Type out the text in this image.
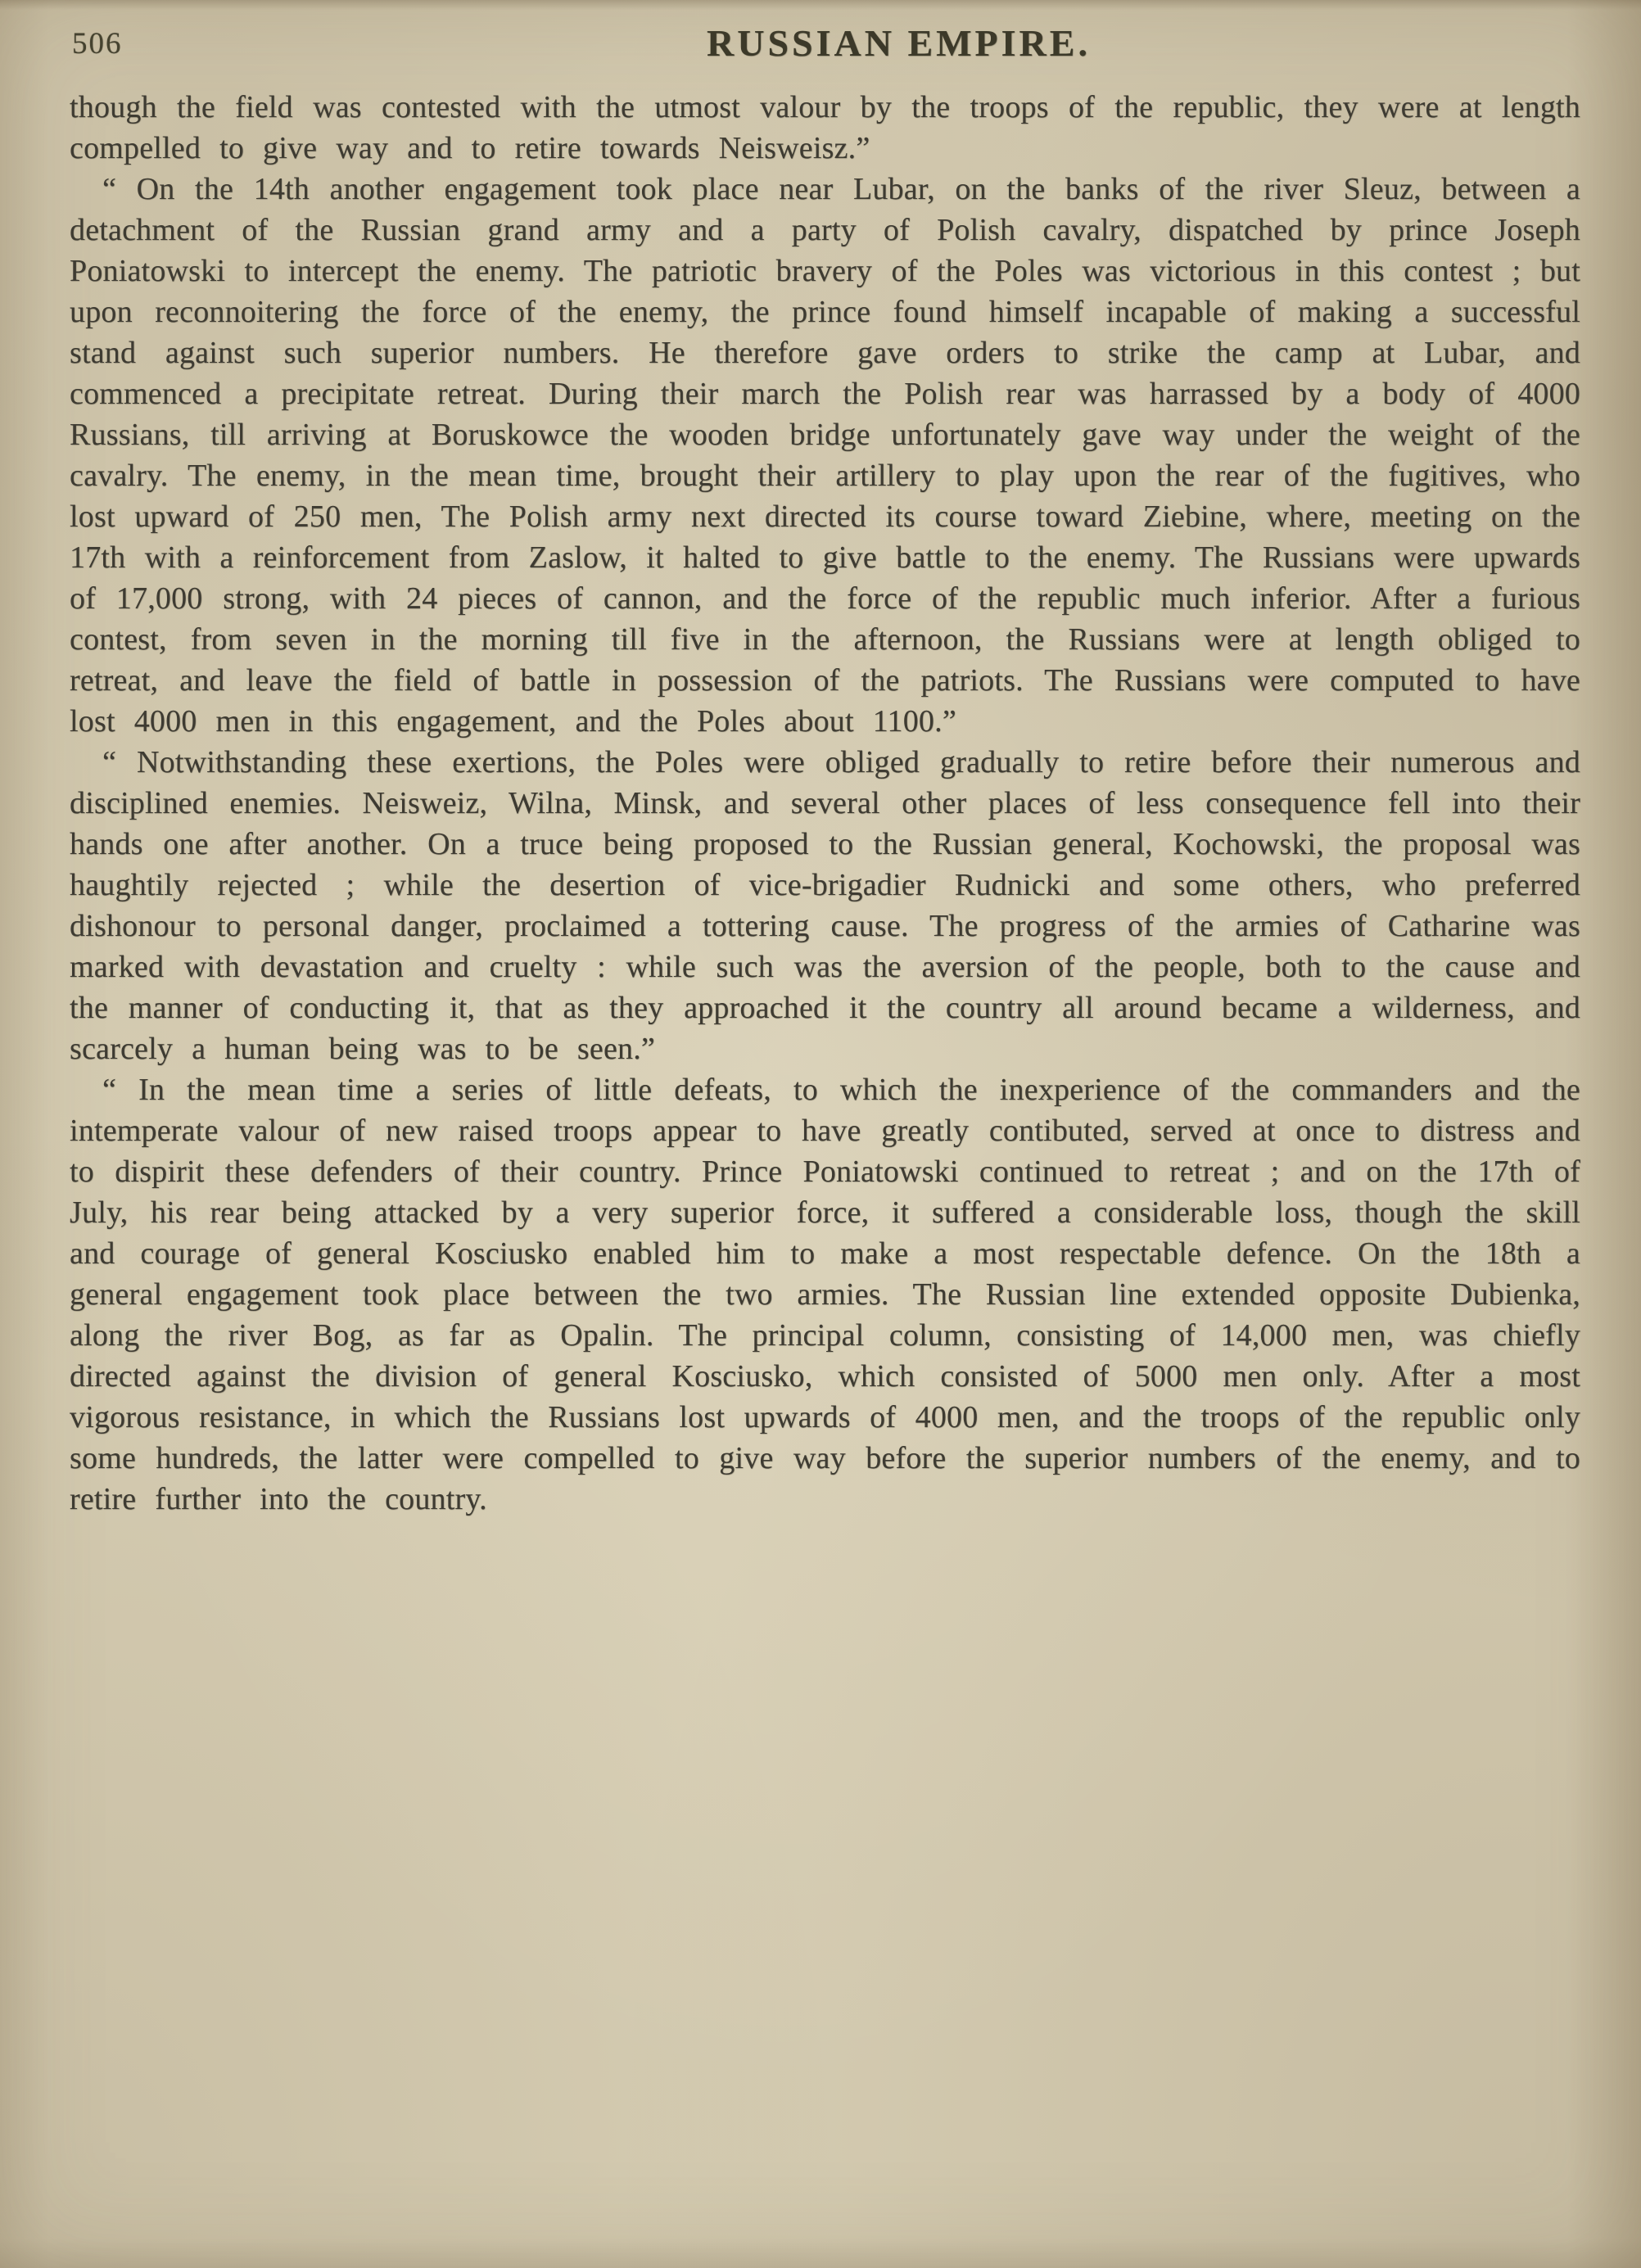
506	RUSSIAN EMPIRE.

though the field was contested with the utmost valour by the troops of the republic, they were at length compelled to give way and to retire towards Neisweisz.”

“ On the 14th another engagement took place near Lubar, on the banks of the river Sleuz, between a detachment of the Russian grand army and a party of Polish cavalry, dispatched by prince Joseph Poniatowski to intercept the enemy. The patriotic bravery of the Poles was victorious in this contest ; but upon reconnoitering the force of the enemy, the prince found himself incapable of making a successful stand against such superior numbers. He therefore gave orders to strike the camp at Lubar, and commenced a precipitate retreat. During their march the Polish rear was harrassed by a body of 4000 Russians, till arriving at Boruskowce the wooden bridge unfortunately gave way under the weight of the cavalry. The enemy, in the mean time, brought their artillery to play upon the rear of the fugitives, who lost upward of 250 men, The Polish army next directed its course toward Ziebine, where, meeting on the 17th with a reinforcement from Zaslow, it halted to give battle to the enemy. The Russians were upwards of 17,000 strong, with 24 pieces of cannon, and the force of the republic much inferior. After a furious contest, from seven in the morning till five in the afternoon, the Russians were at length obliged to retreat, and leave the field of battle in possession of the patriots. The Russians were computed to have lost 4000 men in this engagement, and the Poles about 1100.”

“ Notwithstanding these exertions, the Poles were obliged gradually to retire before their numerous and disciplined enemies. Neisweiz, Wilna, Minsk, and several other places of less consequence fell into their hands one after another. On a truce being proposed to the Russian general, Kochowski, the proposal was haughtily rejected ; while the desertion of vice-brigadier Rudnicki and some others, who preferred dishonour to personal danger, proclaimed a tottering cause. The progress of the armies of Catharine was marked with devastation and cruelty : while such was the aversion of the people, both to the cause and the manner of conducting it, that as they approached it the country all around became a wilderness, and scarcely a human being was to be seen.”

“ In the mean time a series of little defeats, to which the inexperience of the commanders and the intemperate valour of new raised troops appear to have greatly contibuted, served at once to distress and to dispirit these defenders of their country. Prince Poniatowski continued to retreat ; and on the 17th of July, his rear being attacked by a very superior force, it suffered a considerable loss, though the skill and courage of general Kosciusko enabled him to make a most respectable defence. On the 18th a general engagement took place between the two armies. The Russian line extended opposite Dubienka, along the river Bog, as far as Opalin. The principal column, consisting of 14,000 men, was chiefly directed against the division of general Kosciusko, which consisted of 5000 men only. After a most vigorous resistance, in which the Russians lost upwards of 4000 men, and the troops of the republic only some hundreds, the latter were compelled to give way before the superior numbers of the enemy, and to retire further into the country.
